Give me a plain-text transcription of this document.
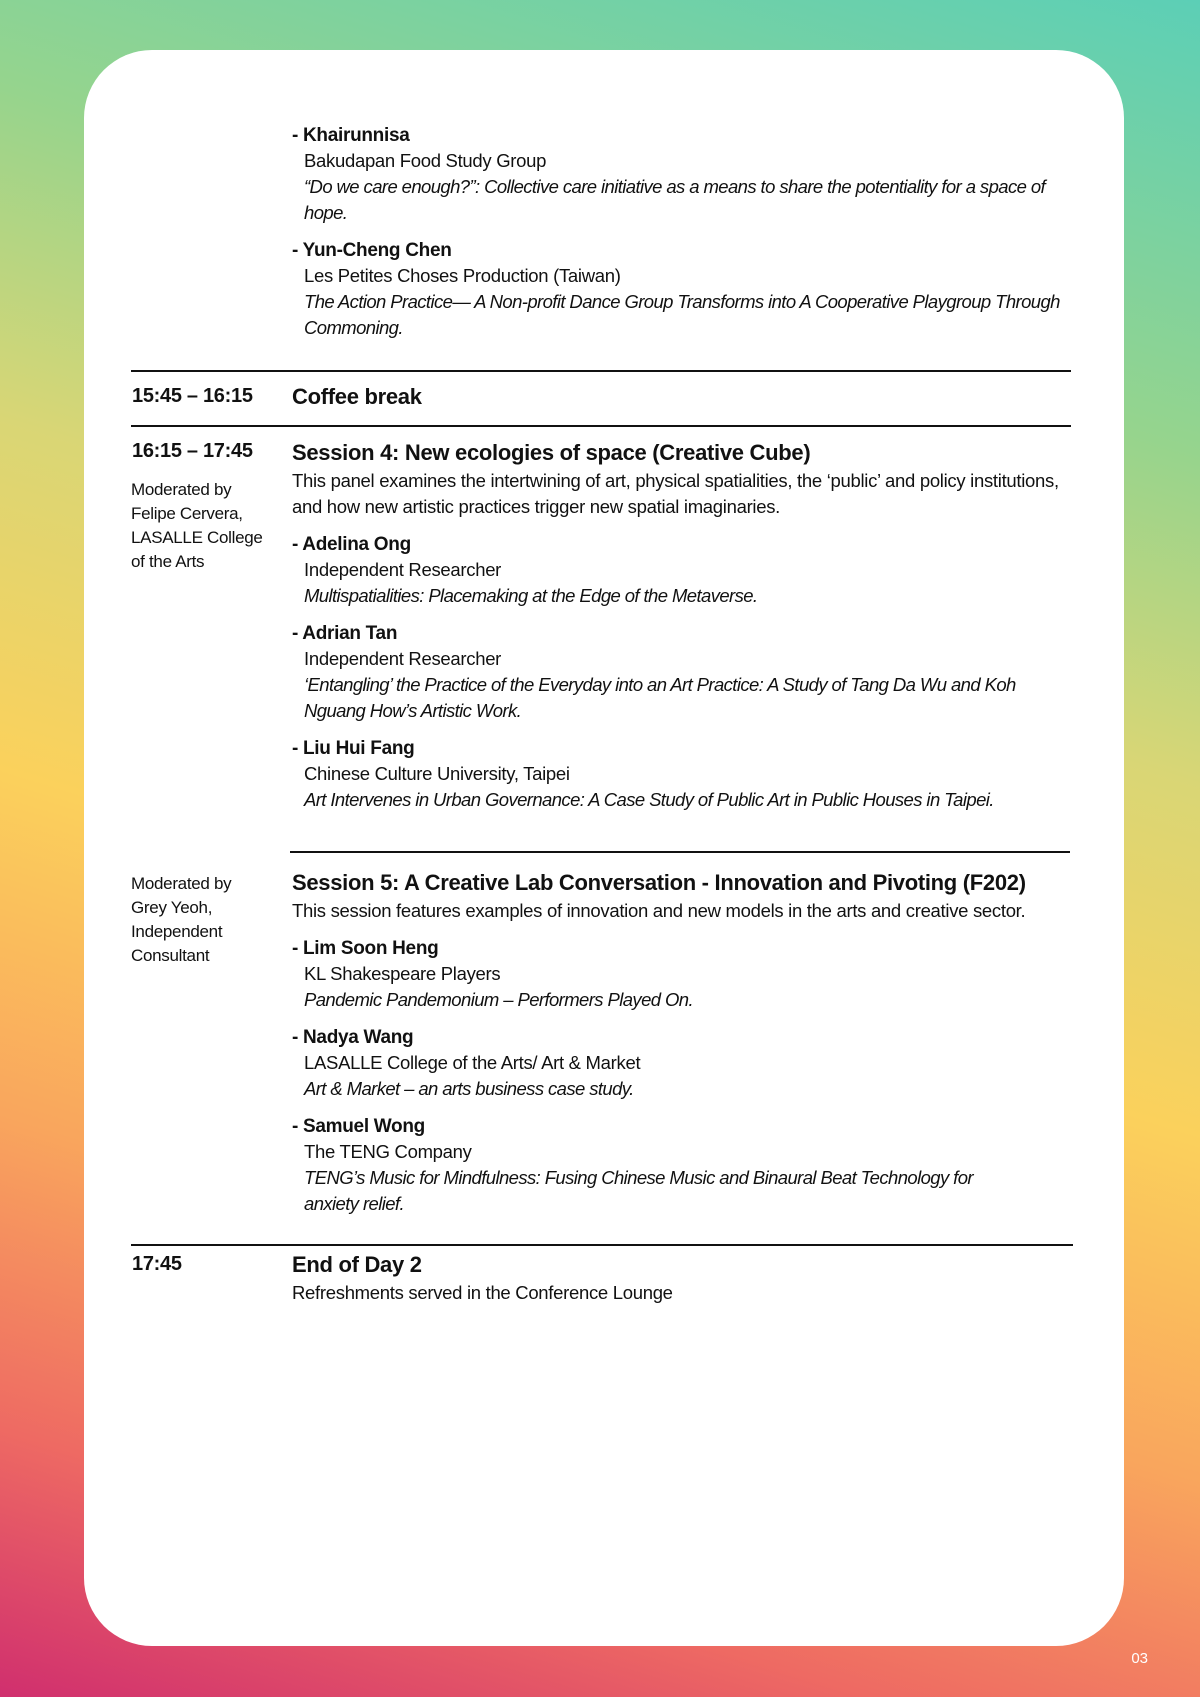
- Khairunnisa
Bakudapan Food Study Group
“Do we care enough?”: Collective care initiative as a means to share the potentiality for a space of hope.
- Yun-Cheng Chen
Les Petites Choses Production (Taiwan)
The Action Practice— A Non-profit Dance Group Transforms into A Cooperative Playgroup Through Commoning.
15:45 – 16:15 Coffee break
16:15 – 17:45
Moderated by Felipe Cervera, LASALLE College of the Arts
Session 4: New ecologies of space (Creative Cube)
This panel examines the intertwining of art, physical spatialities, the ‘public’ and policy institutions, and how new artistic practices trigger new spatial imaginaries.
- Adelina Ong
Independent Researcher
Multispatialities: Placemaking at the Edge of the Metaverse.
- Adrian Tan
Independent Researcher
‘Entangling’ the Practice of the Everyday into an Art Practice: A Study of Tang Da Wu and Koh Nguang How’s Artistic Work.
- Liu Hui Fang
Chinese Culture University, Taipei
Art Intervenes in Urban Governance: A Case Study of Public Art in Public Houses in Taipei.
Moderated by Grey Yeoh, Independent Consultant
Session 5: A Creative Lab Conversation - Innovation and Pivoting (F202)
This session features examples of innovation and new models in the arts and creative sector.
- Lim Soon Heng
KL Shakespeare Players
Pandemic Pandemonium – Performers Played On.
- Nadya Wang
LASALLE College of the Arts/ Art & Market
Art & Market – an arts business case study.
- Samuel Wong
The TENG Company
TENG’s Music for Mindfulness: Fusing Chinese Music and Binaural Beat Technology for anxiety relief.
17:45	End of Day 2
Refreshments served in the Conference Lounge
03
